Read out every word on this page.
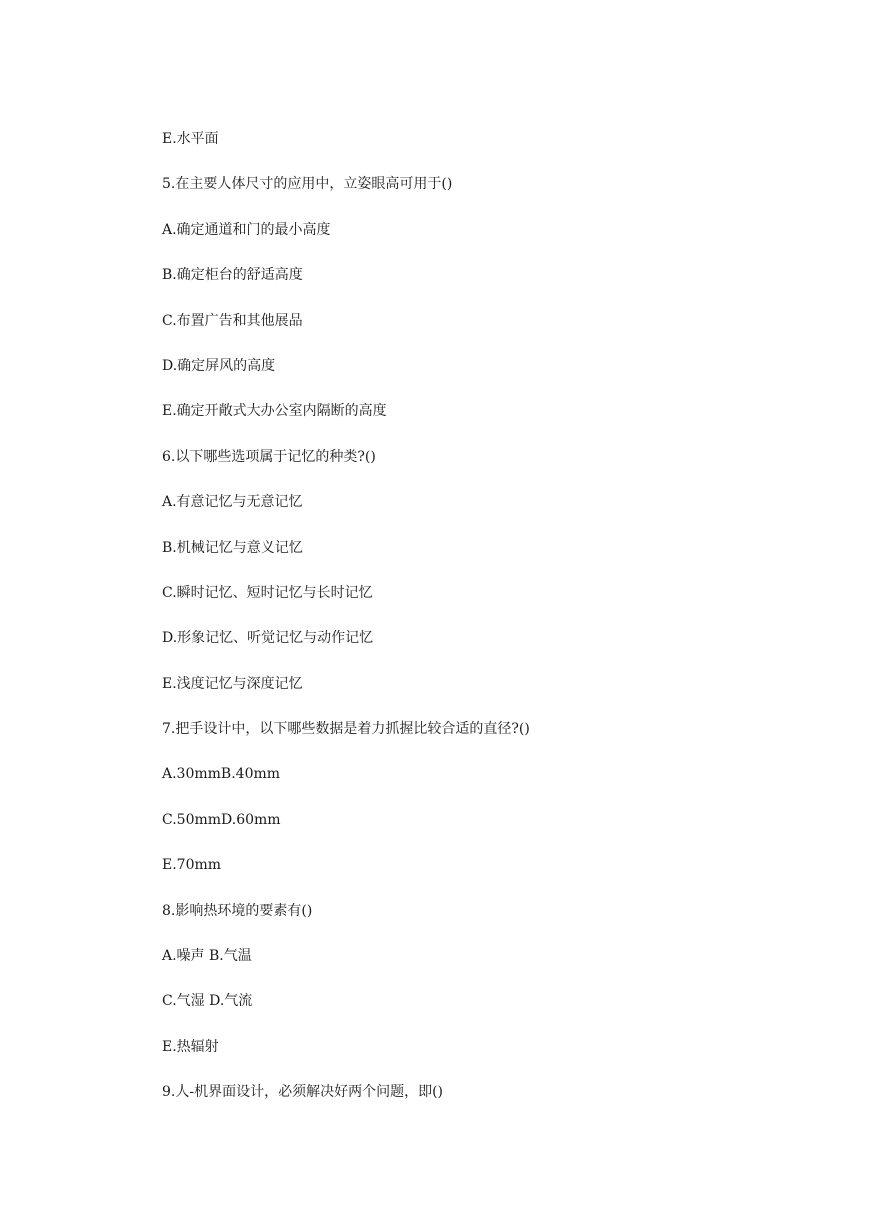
E.水平面
5.在主要人体尺寸的应用中，立姿眼高可用于()
A.确定通道和门的最小高度
B.确定柜台的舒适高度
C.布置广告和其他展品
D.确定屏风的高度
E.确定开敞式大办公室内隔断的高度
6.以下哪些选项属于记忆的种类?()
A.有意记忆与无意记忆
B.机械记忆与意义记忆
C.瞬时记忆、短时记忆与长时记忆
D.形象记忆、听觉记忆与动作记忆
E.浅度记忆与深度记忆
7.把手设计中，以下哪些数据是着力抓握比较合适的直径?()
A.30mmB.40mm
C.50mmD.60mm
E.70mm
8.影响热环境的要素有()
A.噪声 B.气温
C.气湿 D.气流
E.热辐射
9.人-机界面设计，必须解决好两个问题，即()
